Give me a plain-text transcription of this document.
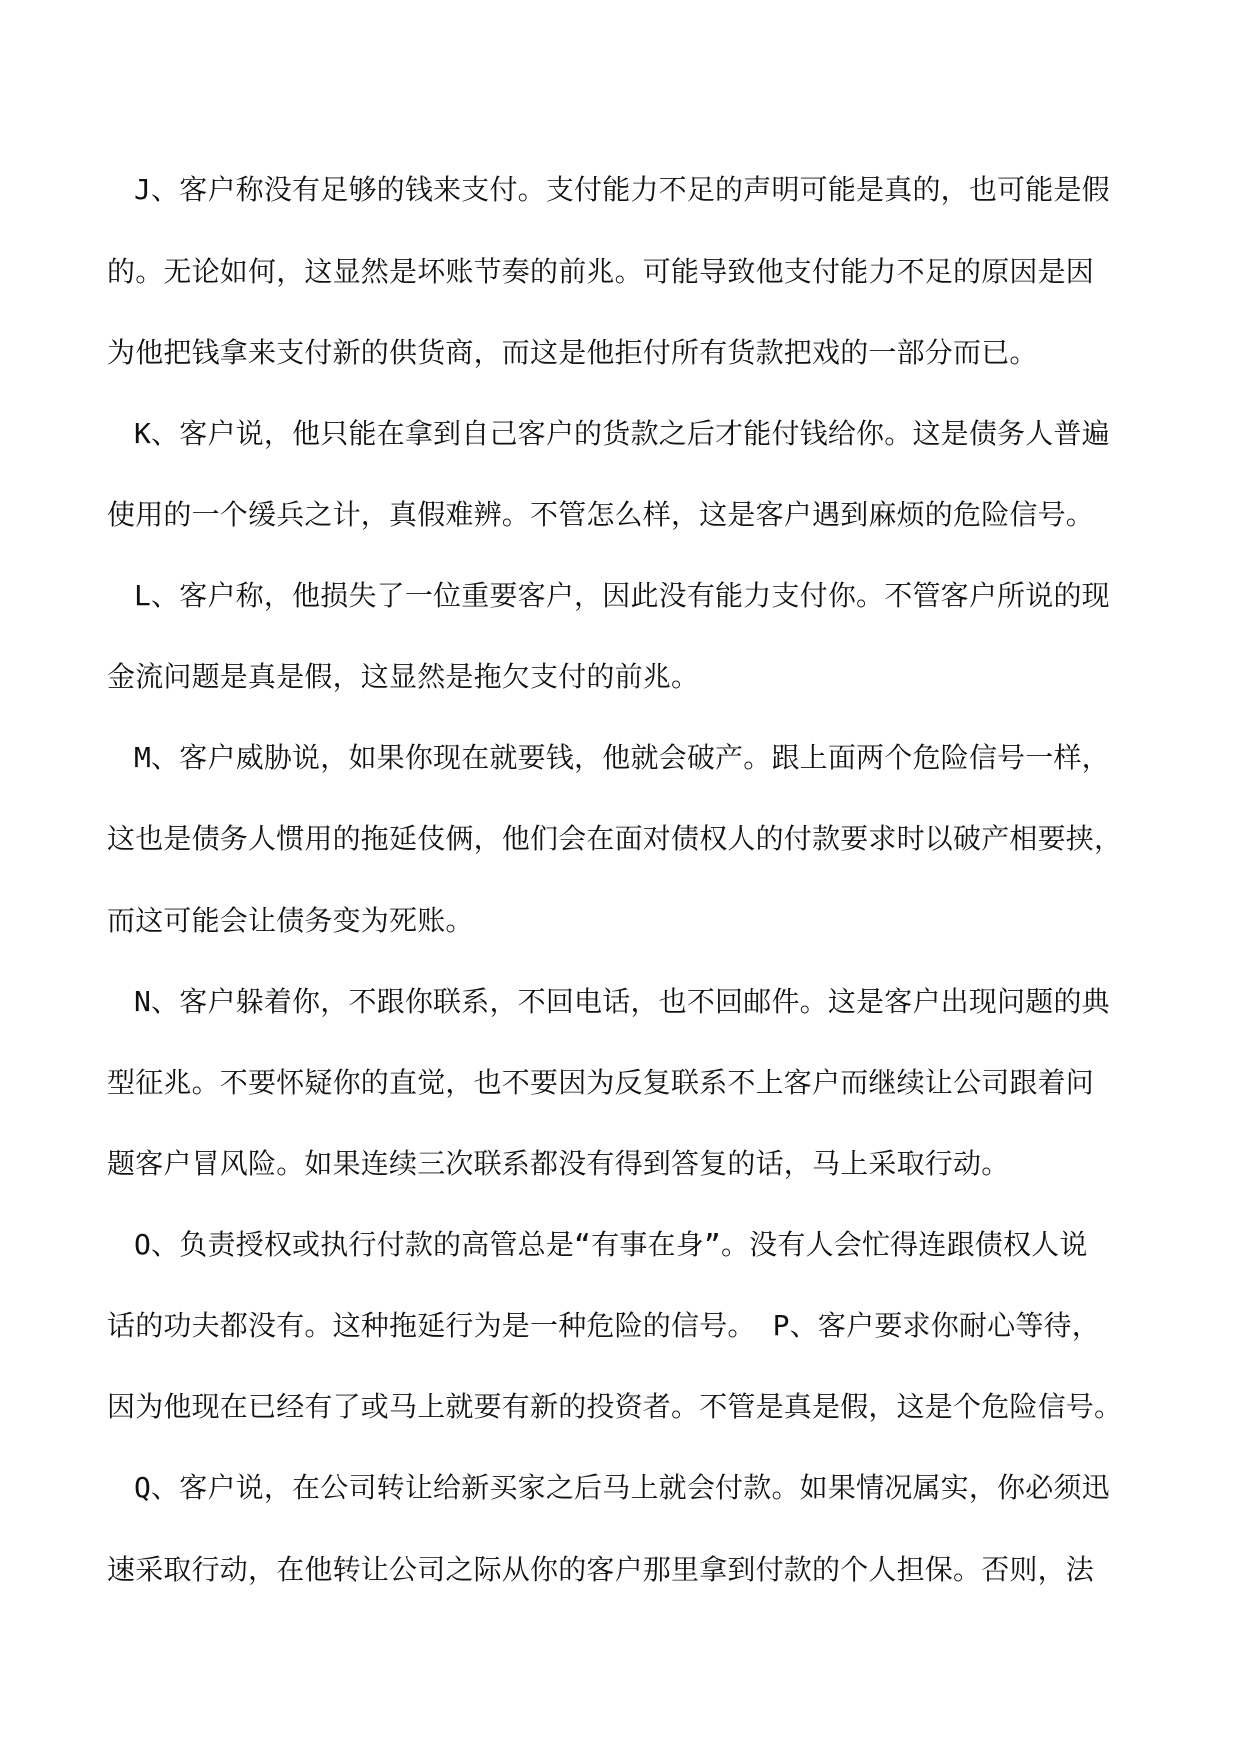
J、客户称没有足够的钱来支付。支付能力不足的声明可能是真的，也可能是假
的。无论如何，这显然是坏账节奏的前兆。可能导致他支付能力不足的原因是因
为他把钱拿来支付新的供货商，而这是他拒付所有货款把戏的一部分而已。
K、客户说，他只能在拿到自己客户的货款之后才能付钱给你。这是债务人普遍
使用的一个缓兵之计，真假难辨。不管怎么样，这是客户遇到麻烦的危险信号。
L、客户称，他损失了一位重要客户，因此没有能力支付你。不管客户所说的现
金流问题是真是假，这显然是拖欠支付的前兆。
M、客户威胁说，如果你现在就要钱，他就会破产。跟上面两个危险信号一样，
这也是债务人惯用的拖延伎俩，他们会在面对债权人的付款要求时以破产相要挟，
而这可能会让债务变为死账。
N、客户躲着你，不跟你联系，不回电话，也不回邮件。这是客户出现问题的典
型征兆。不要怀疑你的直觉，也不要因为反复联系不上客户而继续让公司跟着问
题客户冒风险。如果连续三次联系都没有得到答复的话，马上采取行动。
O、负责授权或执行付款的高管总是“有事在身”。没有人会忙得连跟债权人说
话的功夫都没有。这种拖延行为是一种危险的信号。 P、客户要求你耐心等待，
因为他现在已经有了或马上就要有新的投资者。不管是真是假，这是个危险信号。
Q、客户说，在公司转让给新买家之后马上就会付款。如果情况属实，你必须迅
速采取行动，在他转让公司之际从你的客户那里拿到付款的个人担保。否则，法
